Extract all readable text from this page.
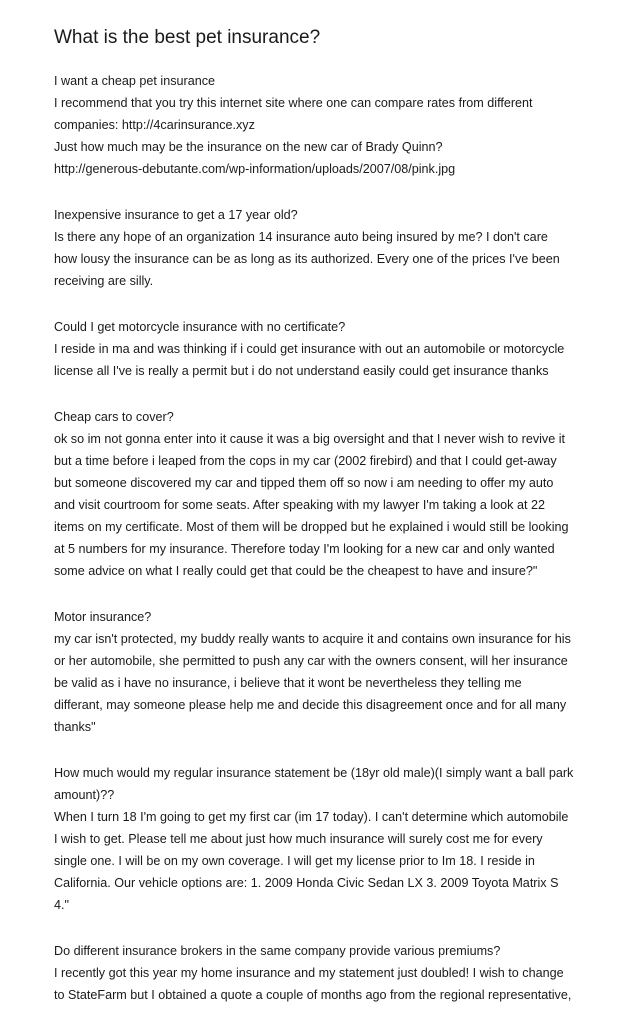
What is the best pet insurance?
I want a cheap pet insurance
I recommend that you try this internet site where one can compare rates from different
companies: http://4carinsurance.xyz
Just how much may be the insurance on the new car of Brady Quinn?
http://generous-debutante.com/wp-information/uploads/2007/08/pink.jpg
Inexpensive insurance to get a 17 year old?
Is there any hope of an organization 14 insurance auto being insured by me? I don't care
how lousy the insurance can be as long as its authorized. Every one of the prices I've been
receiving are silly.
Could I get motorcycle insurance with no certificate?
I reside in ma and was thinking if i could get insurance with out an automobile or motorcycle
license all I've is really a permit but i do not understand easily could get insurance thanks
Cheap cars to cover?
ok so im not gonna enter into it cause it was a big oversight and that I never wish to revive it
but a time before i leaped from the cops in my car (2002 firebird) and that I could get-away
but someone discovered my car and tipped them off so now i am needing to offer my auto
and visit courtroom for some seats. After speaking with my lawyer I'm taking a look at 22
items on my certificate. Most of them will be dropped but he explained i would still be looking
at 5 numbers for my insurance. Therefore today I'm looking for a new car and only wanted
some advice on what I really could get that could be the cheapest to have and insure?"
Motor insurance?
my car isn't protected, my buddy really wants to acquire it and contains own insurance for his
or her automobile, she permitted to push any car with the owners consent, will her insurance
be valid as i have no insurance, i believe that it wont be nevertheless they telling me
differant, may someone please help me and decide this disagreement once and for all many
thanks"
How much would my regular insurance statement be (18yr old male)(I simply want a ball park
amount)??
When I turn 18 I'm going to get my first car (im 17 today). I can't determine which automobile
I wish to get. Please tell me about just how much insurance will surely cost me for every
single one. I will be on my own coverage. I will get my license prior to Im 18. I reside in
California. Our vehicle options are: 1. 2009 Honda Civic Sedan LX 3. 2009 Toyota Matrix S
4."
Do different insurance brokers in the same company provide various premiums?
I recently got this year my home insurance and my statement just doubled! I wish to change
to StateFarm but I obtained a quote a couple of months ago from the regional representative,
